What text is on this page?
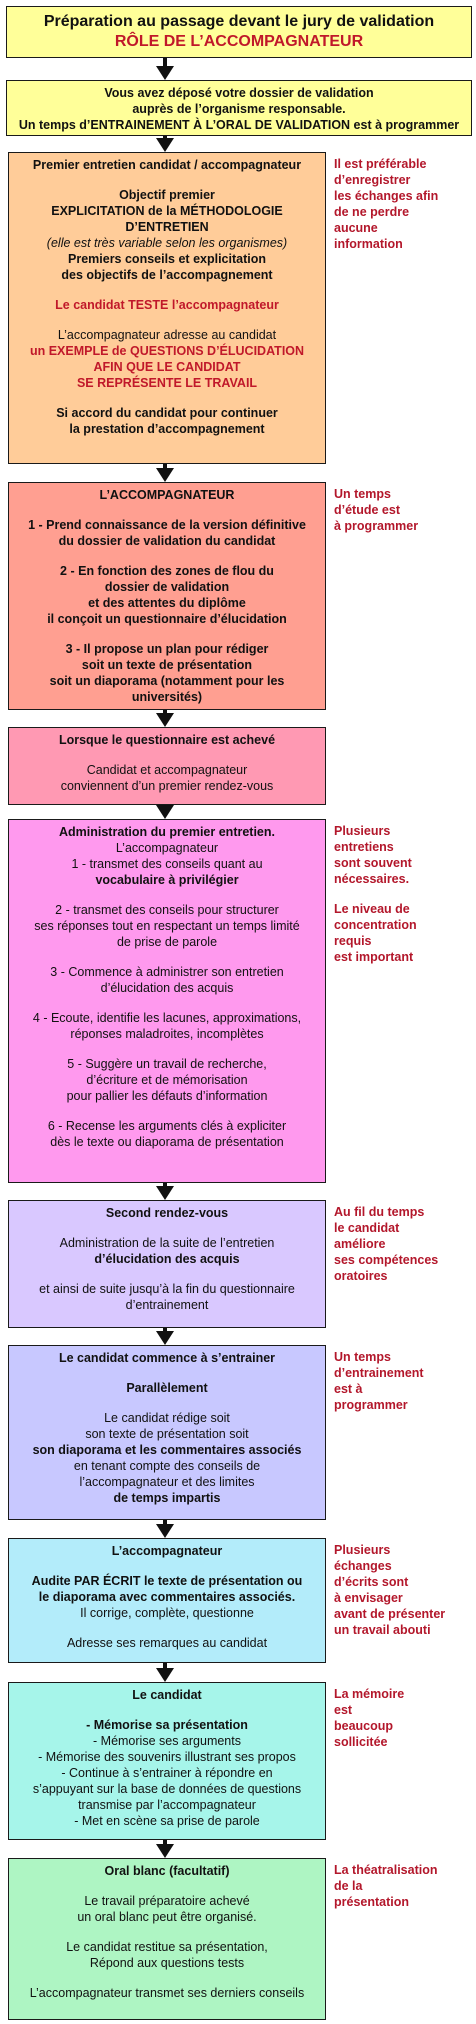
Préparation au passage devant le jury de validation
RÔLE DE L’ACCOMPAGNATEUR
Vous avez déposé votre dossier de validation
auprès de l’organisme responsable.
Un temps d’ENTRAINEMENT À L’ORAL DE VALIDATION est à programmer
Premier entretien candidat / accompagnateur
Objectif premier
EXPLICITATION de la MÉTHODOLOGIE
D’ENTRETIEN
(elle est très variable selon les organismes)
Premiers conseils et explicitation
des objectifs de l’accompagnement
Le candidat TESTE l’accompagnateur
L’accompagnateur adresse au candidat
un EXEMPLE de QUESTIONS D’ÉLUCIDATION
AFIN QUE LE CANDIDAT
SE REPRÉSENTE LE TRAVAIL
Si accord du candidat pour continuer
la prestation d’accompagnement
Il est préférable
d’enregistrer
les échanges afin
de ne perdre
aucune
information
L’ACCOMPAGNATEUR
1 - Prend connaissance de la version définitive
du dossier de validation du candidat
2 - En fonction des zones de flou du
dossier de validation
et des attentes du diplôme
il conçoit un questionnaire d’élucidation
3 - Il propose un plan pour rédiger
soit un texte de présentation
soit un diaporama (notamment pour les universités)
Un temps
d’étude est
à programmer
Lorsque le questionnaire est achevé
Candidat et accompagnateur
conviennent d’un premier rendez-vous
Administration du premier entretien.
L’accompagnateur
1 - transmet des conseils quant au
vocabulaire à privilégier
2 - transmet des conseils pour structurer
ses réponses tout en respectant un temps limité
de prise de parole
3 - Commence à administrer son entretien
d’élucidation des acquis
4 - Ecoute, identifie les lacunes, approximations,
réponses maladroites, incomplètes
5 - Suggère un travail de recherche,
d’écriture et de mémorisation
pour pallier les défauts d’information
6 - Recense les arguments clés à expliciter
dès le texte ou diaporama de présentation
Plusieurs
entretiens
sont souvent
nécessaires.
Le niveau de
concentration
requis
est important
Second rendez-vous
Administration de la suite de l’entretien
d’élucidation des acquis
et ainsi de suite jusqu’à la fin du questionnaire
d’entrainement
Au fil du temps
le candidat
améliore
ses compétences
oratoires
Le candidat commence à s’entrainer
Parallèlement
Le candidat rédige soit
son texte de présentation soit
son diaporama et les commentaires associés
en tenant compte des conseils de
l’accompagnateur et des limites
de temps impartis
Un temps
d’entrainement
est à
programmer
L’accompagnateur
Audite PAR ÉCRIT le texte de présentation ou
le diaporama avec commentaires associés.
Il corrige, complète, questionne
Adresse ses remarques au candidat
Plusieurs
échanges
d’écrits sont
à envisager
avant de présenter
un travail abouti
Le candidat
- Mémorise sa présentation
- Mémorise ses arguments
- Mémorise des souvenirs illustrant ses propos
- Continue à s’entrainer à répondre en
s’appuyant sur la base de données de questions
transmise par l’accompagnateur
- Met en scène sa prise de parole
La mémoire
est
beaucoup
sollicitée
Oral blanc (facultatif)
Le travail préparatoire achevé
un oral blanc peut être organisé.
Le candidat restitue sa présentation,
Répond aux questions tests
L’accompagnateur transmet ses derniers conseils
La théatralisation
de la
présentation
